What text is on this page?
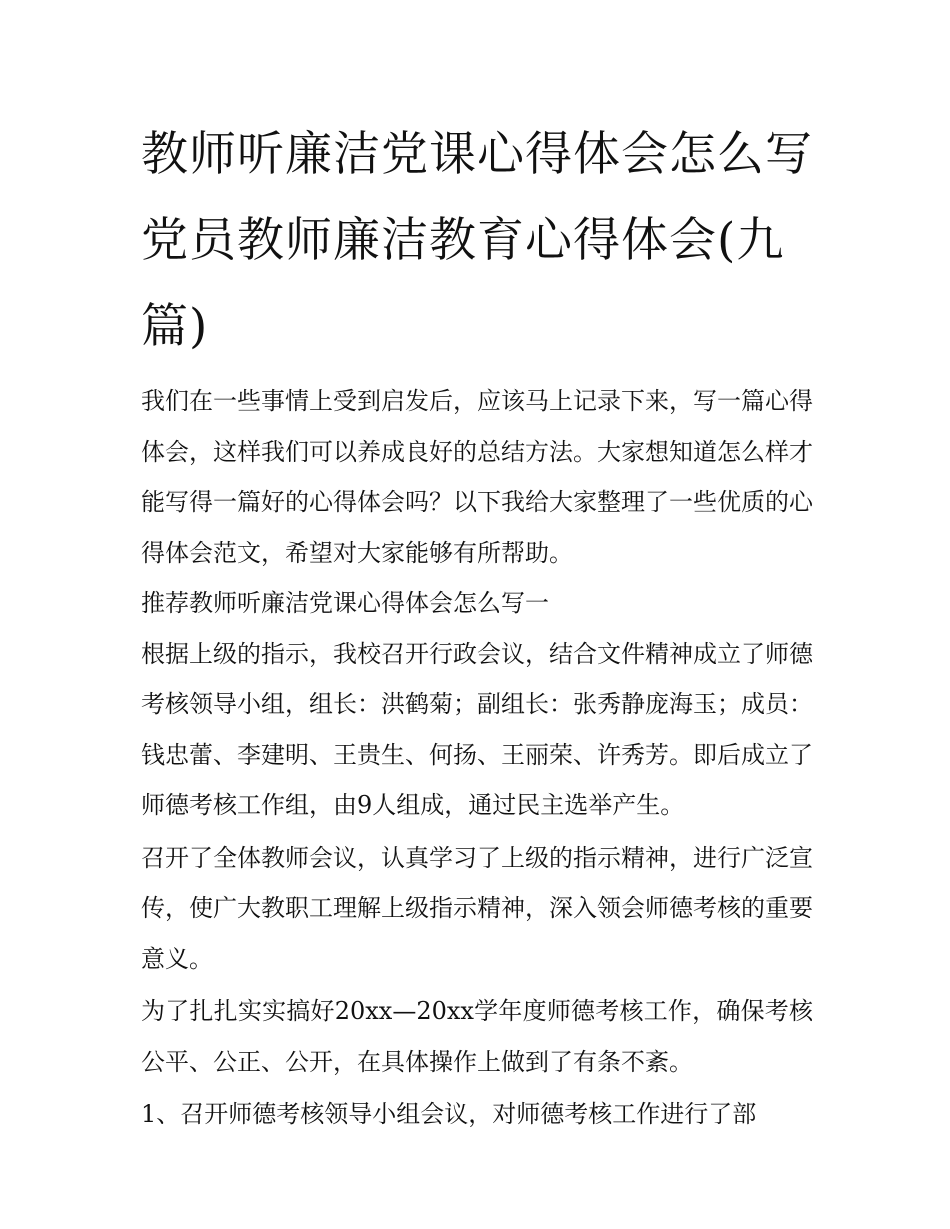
教师听廉洁党课心得体会怎么写 党员教师廉洁教育心得体会(九篇)

我们在一些事情上受到启发后，应该马上记录下来，写一篇心得体会，这样我们可以养成良好的总结方法。大家想知道怎么样才能写得一篇好的心得体会吗？以下我给大家整理了一些优质的心得体会范文，希望对大家能够有所帮助。

推荐教师听廉洁党课心得体会怎么写一

根据上级的指示，我校召开行政会议，结合文件精神成立了师德考核领导小组，组长：洪鹤菊；副组长：张秀静庞海玉；成员：钱忠蕾、李建明、王贵生、何扬、王丽荣、许秀芳。即后成立了师德考核工作组，由9人组成，通过民主选举产生。

召开了全体教师会议，认真学习了上级的指示精神，进行广泛宣传，使广大教职工理解上级指示精神，深入领会师德考核的重要意义。

为了扎扎实实搞好20xx—20xx学年度师德考核工作，确保考核公平、公正、公开，在具体操作上做到了有条不紊。

1、召开师德考核领导小组会议，对师德考核工作进行了部
